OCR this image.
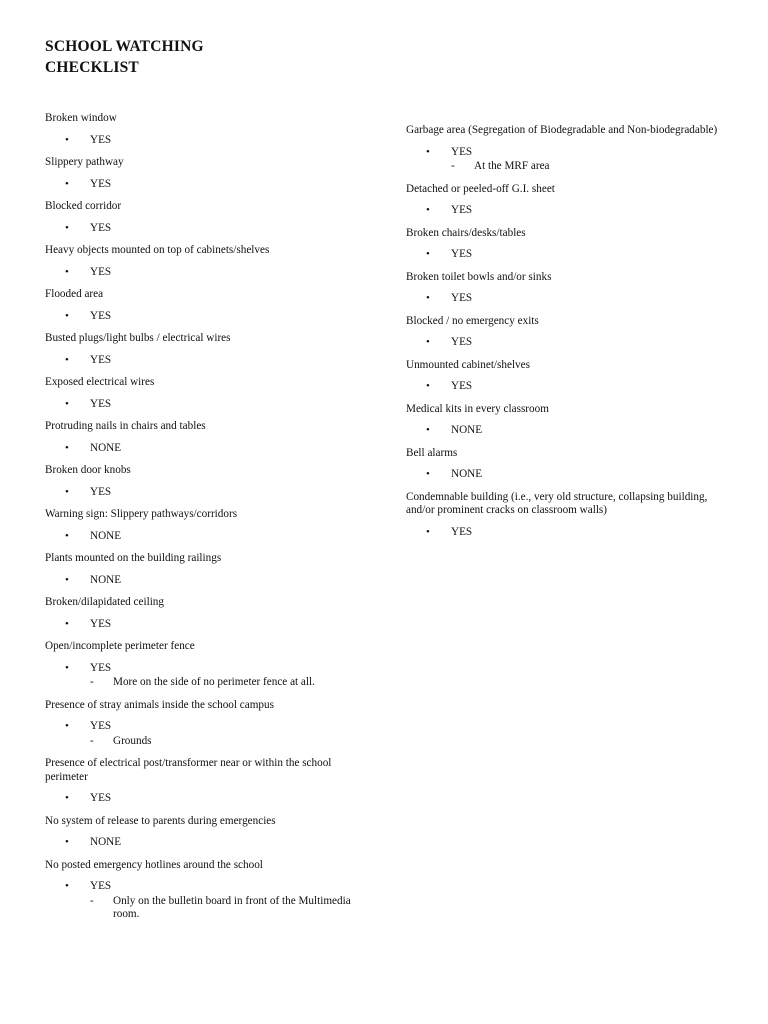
SCHOOL WATCHING
CHECKLIST
Broken window
• YES
Slippery pathway
• YES
Blocked corridor
• YES
Heavy objects mounted on top of cabinets/shelves
• YES
Flooded area
• YES
Busted plugs/light bulbs / electrical wires
• YES
Exposed electrical wires
• YES
Protruding nails in chairs and tables
• NONE
Broken door knobs
• YES
Warning sign: Slippery pathways/corridors
• NONE
Plants mounted on the building railings
• NONE
Broken/dilapidated ceiling
• YES
Open/incomplete perimeter fence
• YES
- More on the side of no perimeter fence at all.
Presence of stray animals inside the school campus
• YES
- Grounds
Presence of electrical post/transformer near or within the school perimeter
• YES
No system of release to parents during emergencies
• NONE
No posted emergency hotlines around the school
• YES
- Only on the bulletin board in front of the Multimedia room.
Garbage area (Segregation of Biodegradable and Non-biodegradable)
• YES
- At the MRF area
Detached or peeled-off G.I. sheet
• YES
Broken chairs/desks/tables
• YES
Broken toilet bowls and/or sinks
• YES
Blocked / no emergency exits
• YES
Unmounted cabinet/shelves
• YES
Medical kits in every classroom
• NONE
Bell alarms
• NONE
Condemnable building (i.e., very old structure, collapsing building, and/or prominent cracks on classroom walls)
• YES
